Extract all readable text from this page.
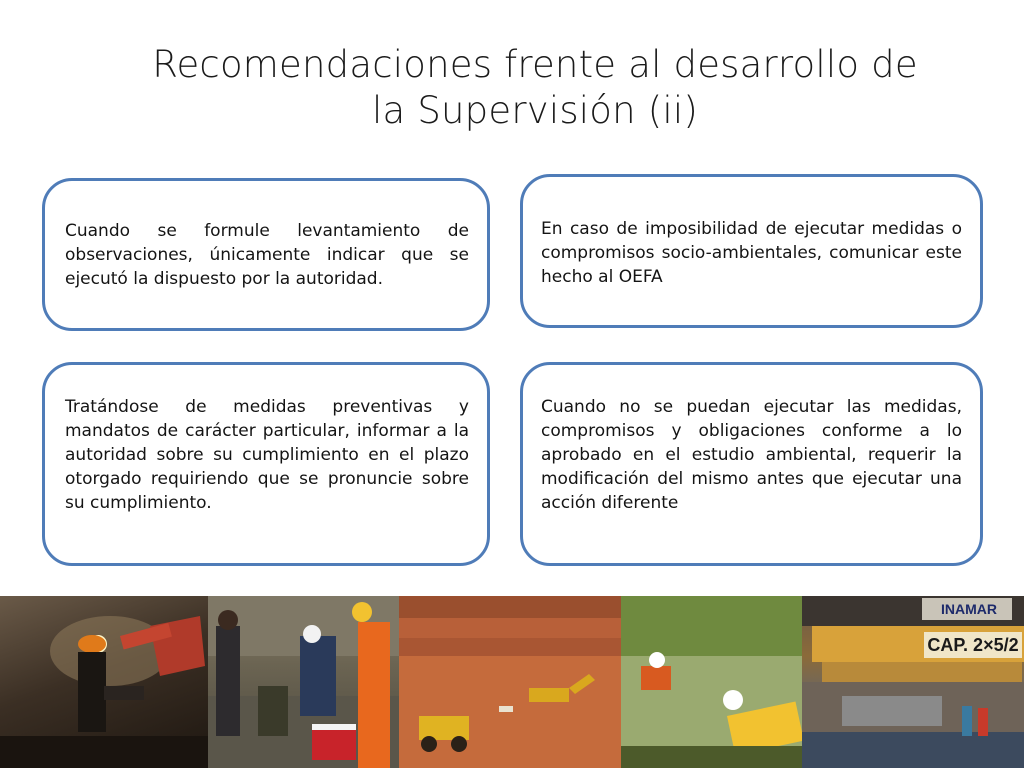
Recomendaciones frente al desarrollo de
la Supervisión (ii)

Cuando se formule levantamiento de observaciones, únicamente indicar que se ejecutó la dispuesto por la autoridad.

En caso de imposibilidad de ejecutar medidas o compromisos socio-ambientales, comunicar este hecho al OEFA

Tratándose de medidas preventivas y mandatos de carácter particular, informar a la autoridad sobre su cumplimiento en el plazo otorgado requiriendo que se pronuncie sobre su cumplimiento.

Cuando no se puedan ejecutar las medidas, compromisos y obligaciones conforme a lo aprobado en el estudio ambiental, requerir la modificación del mismo antes que ejecutar una acción diferente

INAMAR
CAP. 2×5/2
